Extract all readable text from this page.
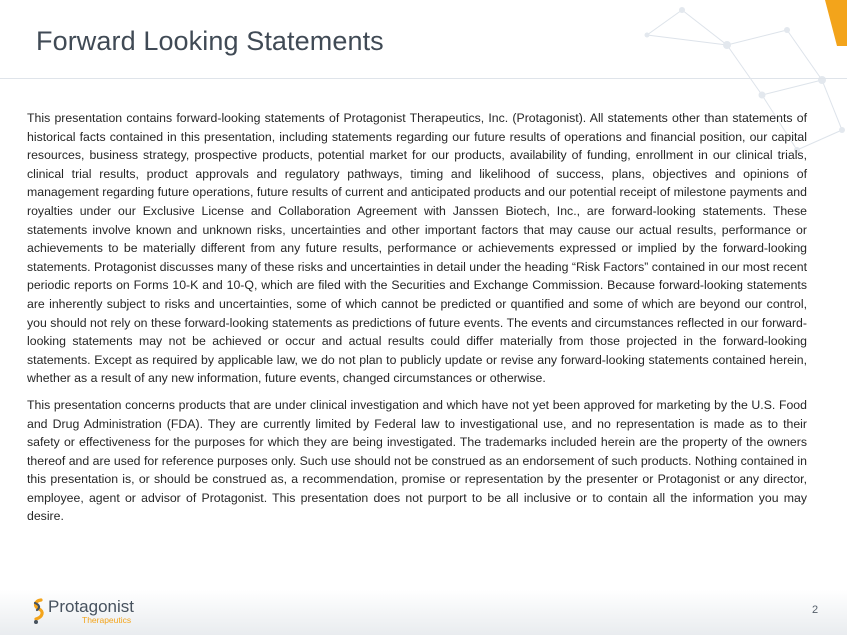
Forward Looking Statements

This presentation contains forward-looking statements of Protagonist Therapeutics, Inc. (Protagonist). All statements other than statements of historical facts contained in this presentation, including statements regarding our future results of operations and financial position, our capital resources, business strategy, prospective products, potential market for our products, availability of funding, enrollment in our clinical trials, clinical trial results, product approvals and regulatory pathways, timing and likelihood of success, plans, objectives and opinions of management regarding future operations, future results of current and anticipated products and our potential receipt of milestone payments and royalties under our Exclusive License and Collaboration Agreement with Janssen Biotech, Inc., are forward-looking statements. These statements involve known and unknown risks, uncertainties and other important factors that may cause our actual results, performance or achievements to be materially different from any future results, performance or achievements expressed or implied by the forward-looking statements. Protagonist discusses many of these risks and uncertainties in detail under the heading “Risk Factors” contained in our most recent periodic reports on Forms 10-K and 10-Q, which are filed with the Securities and Exchange Commission. Because forward-looking statements are inherently subject to risks and uncertainties, some of which cannot be predicted or quantified and some of which are beyond our control, you should not rely on these forward-looking statements as predictions of future events. The events and circumstances reflected in our forward-looking statements may not be achieved or occur and actual results could differ materially from those projected in the forward-looking statements. Except as required by applicable law, we do not plan to publicly update or revise any forward-looking statements contained herein, whether as a result of any new information, future events, changed circumstances or otherwise.

This presentation concerns products that are under clinical investigation and which have not yet been approved for marketing by the U.S. Food and Drug Administration (FDA). They are currently limited by Federal law to investigational use, and no representation is made as to their safety or effectiveness for the purposes for which they are being investigated. The trademarks included herein are the property of the owners thereof and are used for reference purposes only. Such use should not be construed as an endorsement of such products. Nothing contained in this presentation is, or should be construed as, a recommendation, promise or representation by the presenter or Protagonist or any director, employee, agent or advisor of Protagonist. This presentation does not purport to be all inclusive or to contain all the information you may desire.

Protagonist
Therapeutics
2
